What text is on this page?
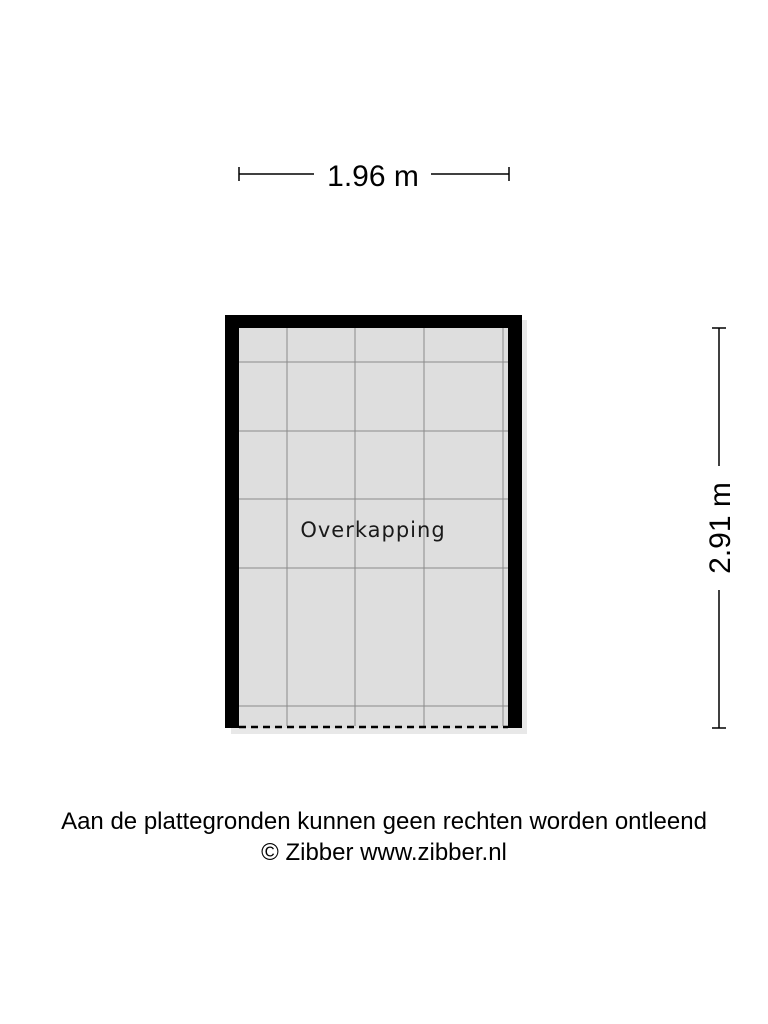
1.96 m
2.91 m
Overkapping

Aan de plattegronden kunnen geen rechten worden ontleend

© Zibber www.zibber.nl
